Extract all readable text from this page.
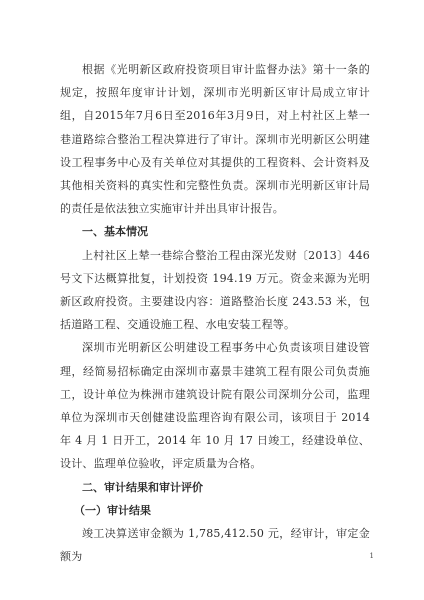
根据《光明新区政府投资项目审计监督办法》第十一条的规定，按照年度审计计划，深圳市光明新区审计局成立审计组，自2015年7月6日至2016年3月9日，对上村社区上辇一巷道路综合整治工程决算进行了审计。深圳市光明新区公明建设工程事务中心及有关单位对其提供的工程资料、会计资料及其他相关资料的真实性和完整性负责。深圳市光明新区审计局的责任是依法独立实施审计并出具审计报告。

一、基本情况

上村社区上辇一巷综合整治工程由深光发财〔2013〕446号文下达概算批复，计划投资 194.19 万元。资金来源为光明新区政府投资。主要建设内容：道路整治长度 243.53 米，包括道路工程、交通设施工程、水电安装工程等。

深圳市光明新区公明建设工程事务中心负责该项目建设管理，经简易招标确定由深圳市嘉景丰建筑工程有限公司负责施工，设计单位为株洲市建筑设计院有限公司深圳分公司，监理单位为深圳市天创健建设监理咨询有限公司，该项目于 2014 年 4 月 1 日开工，2014 年 10 月 17 日竣工，经建设单位、设计、监理单位验收，评定质量为合格。

二、审计结果和审计评价

（一）审计结果

竣工决算送审金额为 1,785,412.50 元，经审计，审定金额为	1
